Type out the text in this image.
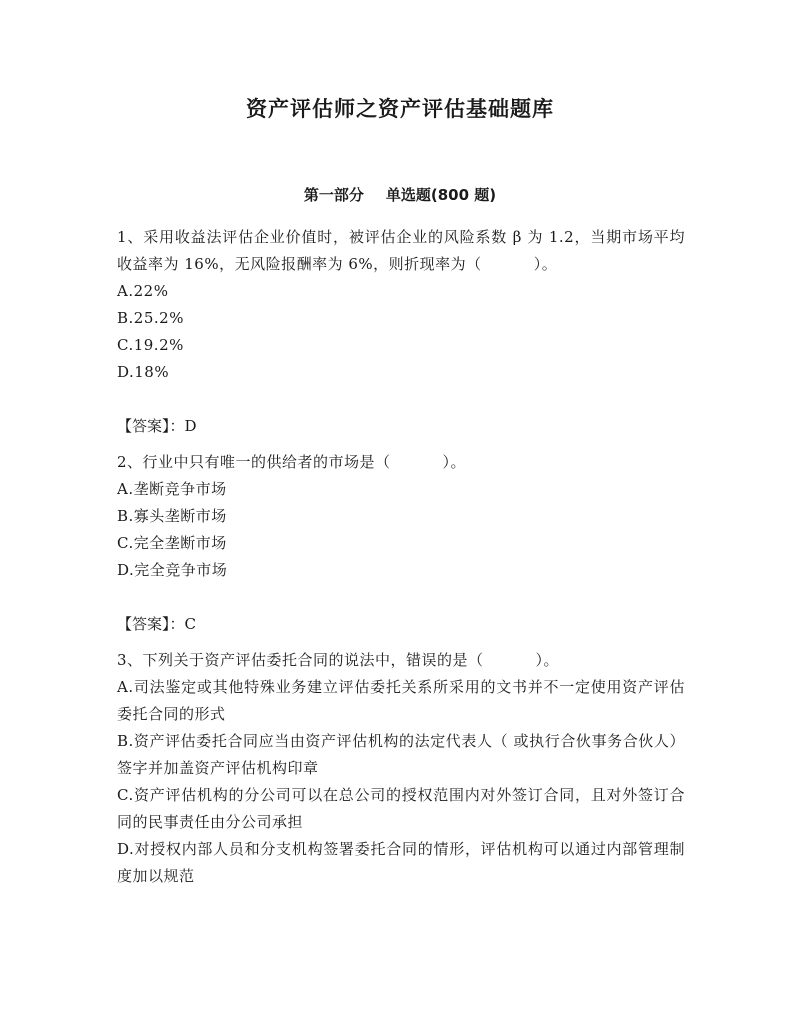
资产评估师之资产评估基础题库
第一部分 单选题(800 题)

1、采用收益法评估企业价值时，被评估企业的风险系数 β 为 1.2，当期市场平均收益率为 16%，无风险报酬率为 6%，则折现率为（	）。

A.22%

B.25.2%

C.19.2%

D.18%

【答案】：D

2、行业中只有唯一的供给者的市场是（	）。

A.垄断竞争市场

B.寡头垄断市场

C.完全垄断市场

D.完全竞争市场

【答案】：C

3、下列关于资产评估委托合同的说法中，错误的是（	）。

A.司法鉴定或其他特殊业务建立评估委托关系所采用的文书并不一定使用资产评估委托合同的形式

B.资产评估委托合同应当由资产评估机构的法定代表人（ 或执行合伙事务合伙人）签字并加盖资产评估机构印章

C.资产评估机构的分公司可以在总公司的授权范围内对外签订合同，且对外签订合同的民事责任由分公司承担

D.对授权内部人员和分支机构签署委托合同的情形，评估机构可以通过内部管理制度加以规范
